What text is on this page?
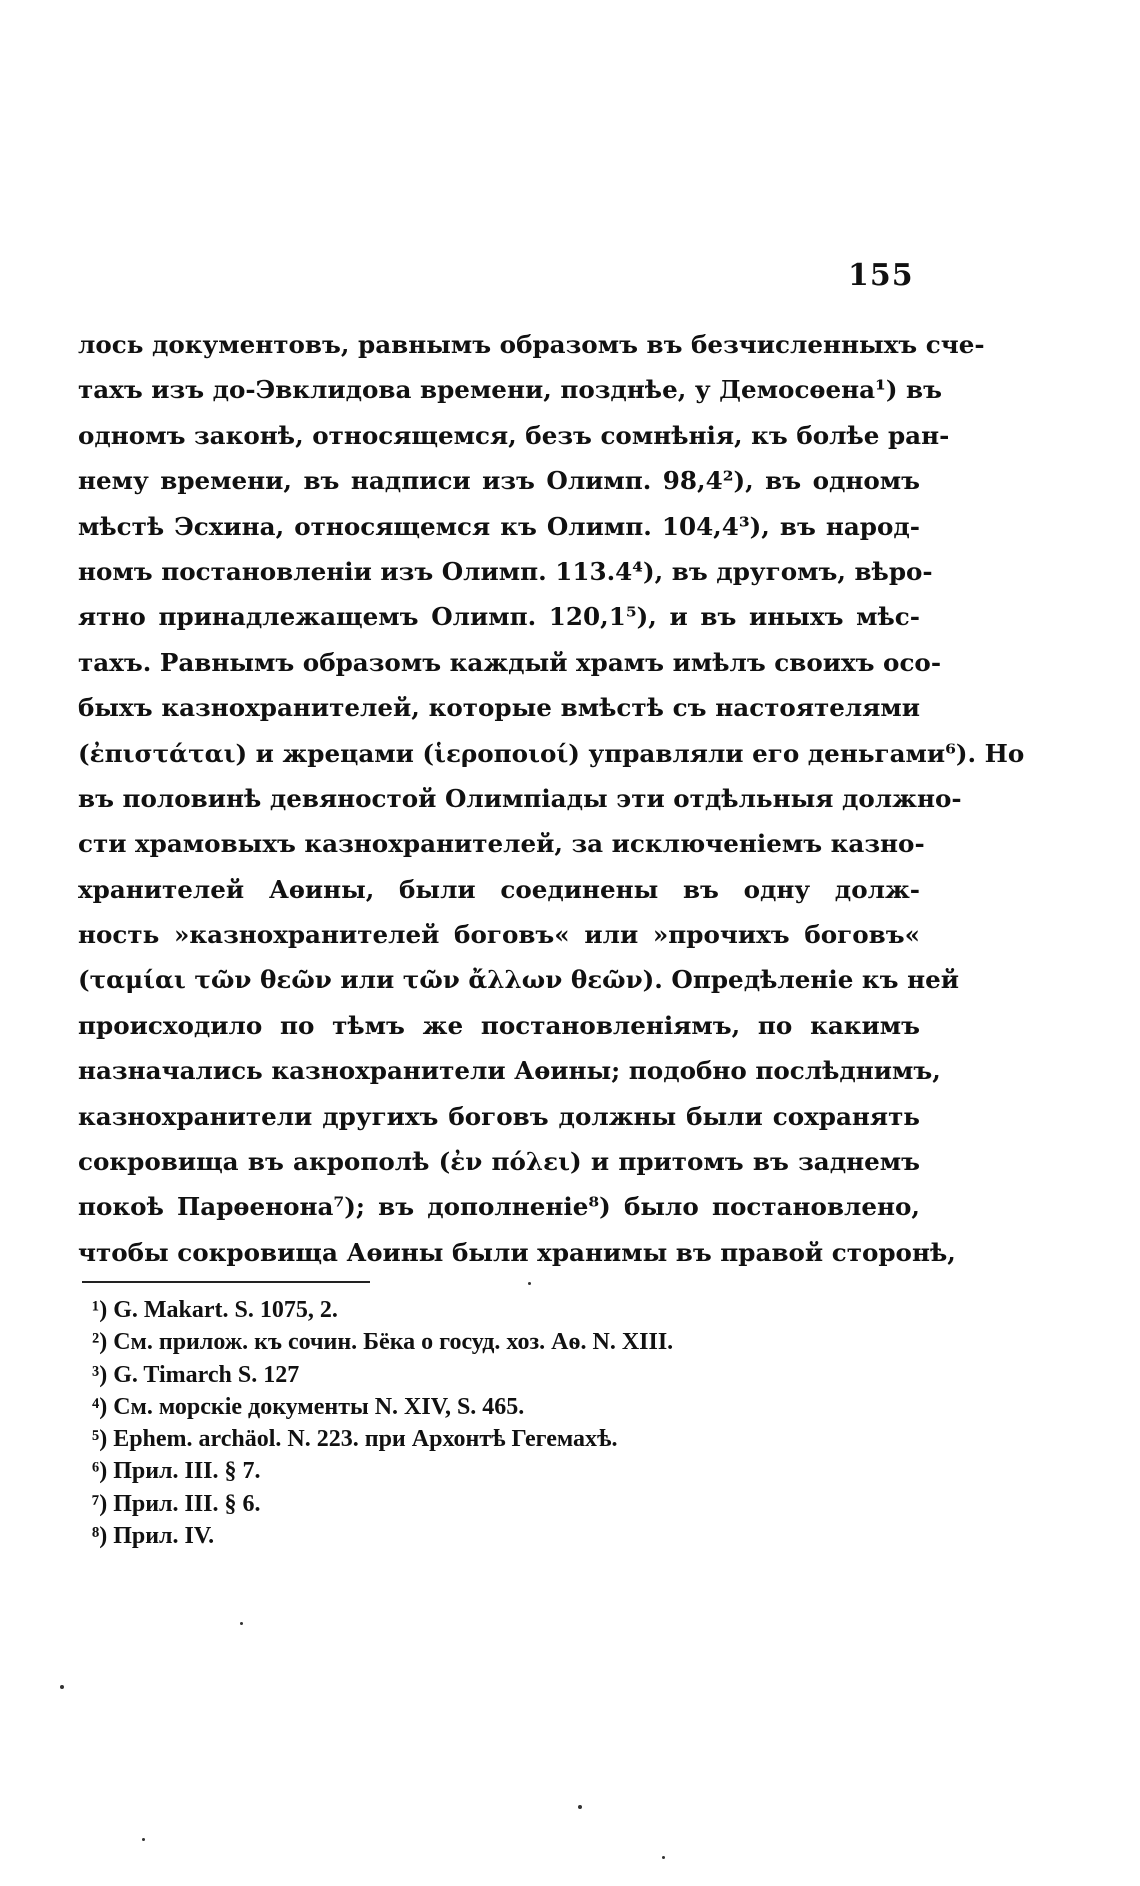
155
лось документовъ, равнымъ образомъ въ безчисленныхъ сче-
тахъ изъ до-Эвклидова времени, позднѣе, у Демосѳена¹) въ
одномъ законѣ, относящемся, безъ сомнѣнія, къ болѣе ран-
нему времени, въ надписи изъ Олимп. 98,4²), въ одномъ
мѣстѣ Эсхина, относящемся къ Олимп. 104,4³), въ народ-
номъ постановленіи изъ Олимп. 113.4⁴), въ другомъ, вѣро-
ятно принадлежащемъ Олимп. 120,1⁵), и въ иныхъ мѣс-
тахъ. Равнымъ образомъ каждый храмъ имѣлъ своихъ осо-
быхъ казнохранителей, которые вмѣстѣ съ настоятелями
(ἐπιστάται) и жрецами (ἱεροποιοί) управляли его деньгами⁶). Но
въ половинѣ девяностой Олимпіады эти отдѣльныя должно-
сти храмовыхъ казнохранителей, за исключеніемъ казно-
хранителей Аѳины, были соединены въ одну долж-
ность »казнохранителей боговъ« или »прочихъ боговъ«
(ταμίαι τῶν θεῶν или τῶν ἄλλων θεῶν). Опредѣленіе къ ней
происходило по тѣмъ же постановленіямъ, по какимъ
назначались казнохранители Аѳины; подобно послѣднимъ,
казнохранители другихъ боговъ должны были сохранять
сокровища въ акрополѣ (ἐν πόλει) и притомъ въ заднемъ
покоѣ Парѳенона⁷); въ дополненіе⁸) было постановлено,
чтобы сокровища Аѳины были хранимы въ правой сторонѣ,
¹) G. Makart. S. 1075, 2.
²) См. прилож. къ сочин. Бёка о госуд. хоз. Аѳ. N. XIII.
³) G. Timarch S. 127
⁴) См. морскіе документы N. XIV, S. 465.
⁵) Ephem. archäol. N. 223. при Архонтѣ Гегемахѣ.
⁶) Прил. III. § 7.
⁷) Прил. III. § 6.
⁸) Прил. IV.
